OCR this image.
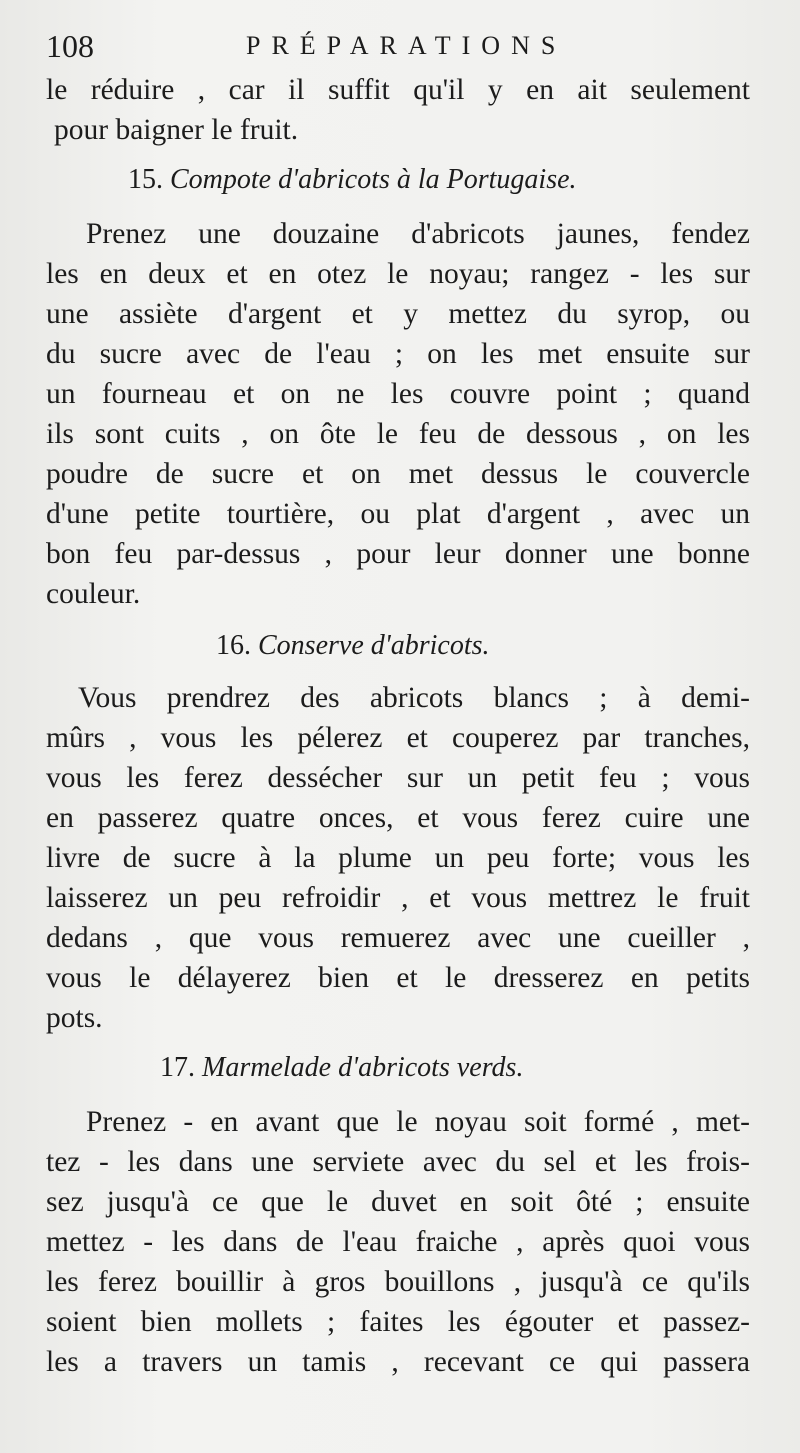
108	PRÉPARATIONS
le réduire , car il suffit qu'il y en ait seulement
pour baigner le fruit.
15. Compote d'abricots à la Portugaise.
Prenez une douzaine d'abricots jaunes, fendez
les en deux et en otez le noyau; rangez - les sur
une assiète d'argent et y mettez du syrop, ou
du sucre avec de l'eau ; on les met ensuite sur
un fourneau et on ne les couvre point ; quand
ils sont cuits , on ôte le feu de dessous , on les
poudre de sucre et on met dessus le couvercle
d'une petite tourtière, ou plat d'argent , avec un
bon feu par-dessus , pour leur donner une bonne
couleur.
16. Conserve d'abricots.
Vous prendrez des abricots blancs ; à demi-
mûrs , vous les pélerez et couperez par tranches,
vous les ferez dessécher sur un petit feu ; vous
en passerez quatre onces, et vous ferez cuire une
livre de sucre à la plume un peu forte; vous les
laisserez un peu refroidir , et vous mettrez le fruit
dedans , que vous remuerez avec une cueiller ,
vous le délayerez bien et le dresserez en petits
pots.
17. Marmelade d'abricots verds.
Prenez - en avant que le noyau soit formé , met-
tez - les dans une serviete avec du sel et les frois-
sez jusqu'à ce que le duvet en soit ôté ; ensuite
mettez - les dans de l'eau fraiche , après quoi vous
les ferez bouillir à gros bouillons , jusqu'à ce qu'ils
soient bien mollets ; faites les égouter et passez-
les a travers un tamis , recevant ce qui passera
